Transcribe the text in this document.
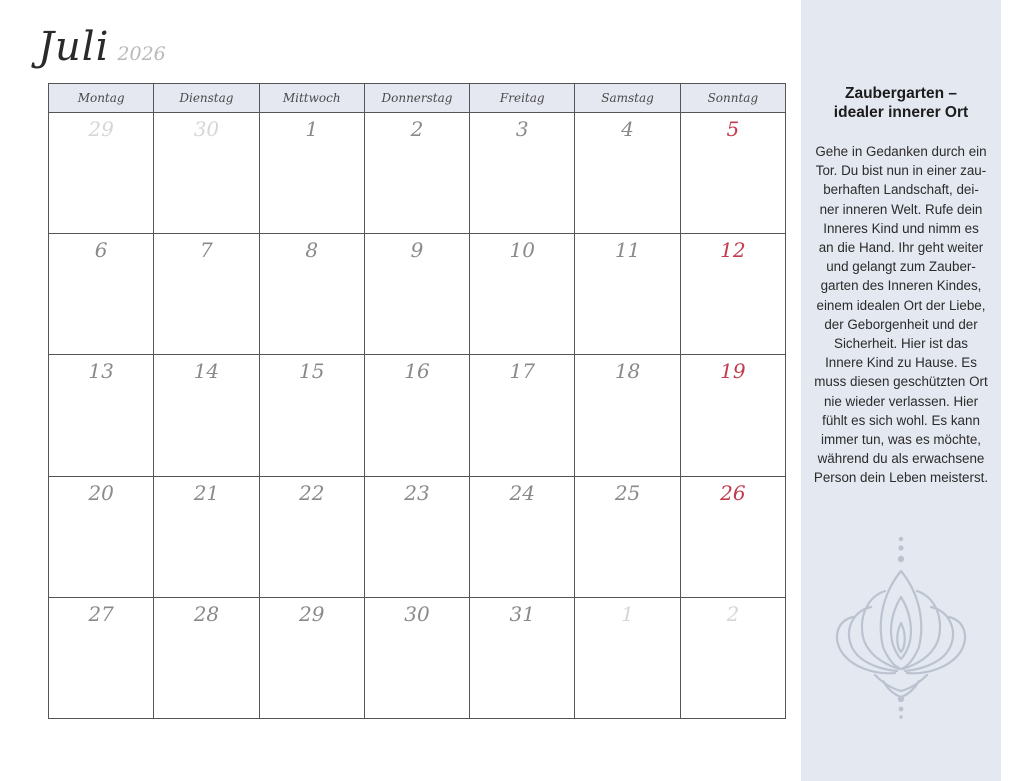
Juli 2026
Montag	Dienstag	Mittwoch	Donnerstag	Freitag	Samstag	Sonntag

29	30	1	2	3	4	5

6	7	8	9	10	11	12

13	14	15	16	17	18	19

20	21	22	23	24	25	26

27	28	29	30	31	1	2
Zaubergarten –
idealer innerer Ort
Gehe in Gedanken durch ein
Tor. Du bist nun in einer zau-
berhaften Landschaft, dei-
ner inneren Welt. Rufe dein
Inneres Kind und nimm es
an die Hand. Ihr geht weiter
und gelangt zum Zauber-
garten des Inneren Kindes,
einem idealen Ort der Liebe,
der Geborgenheit und der
Sicherheit. Hier ist das
Innere Kind zu Hause. Es
muss diesen geschützten Ort
nie wieder verlassen. Hier
fühlt es sich wohl. Es kann
immer tun, was es möchte,
während du als erwachsene
Person dein Leben meisterst.
